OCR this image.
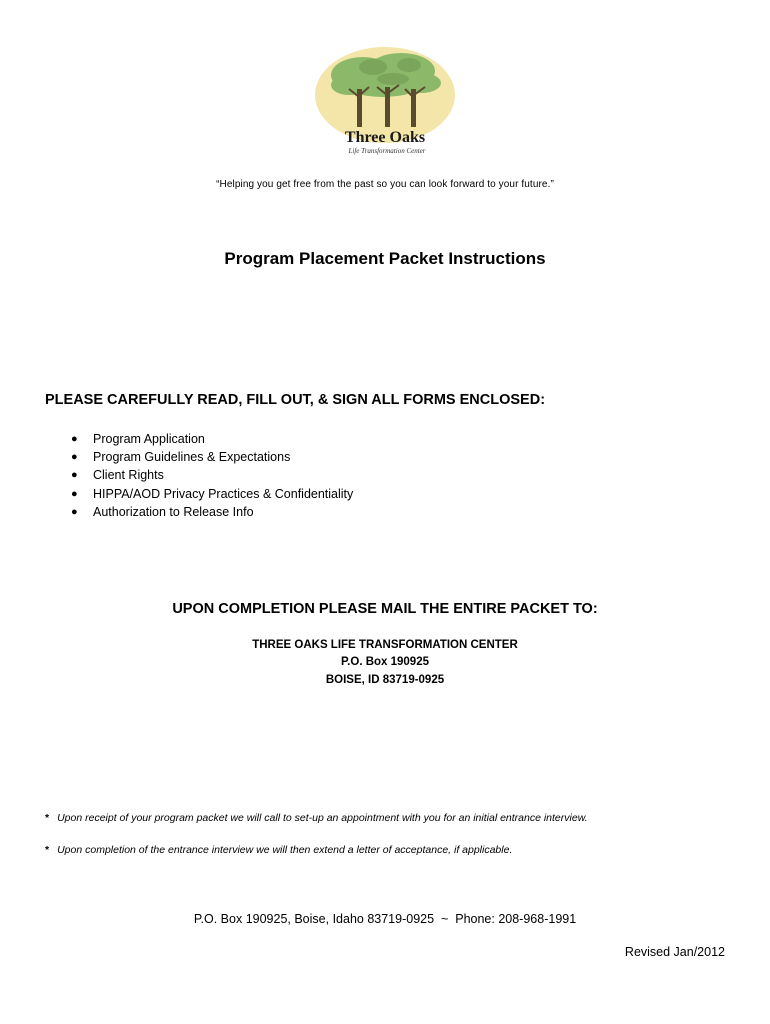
Three Oaks
Life Transformation Center
“Helping you get free from the past so you can look forward to your future.”
Program Placement Packet Instructions
PLEASE CAREFULLY READ, FILL OUT, & SIGN ALL FORMS ENCLOSED:
● Program Application
● Program Guidelines & Expectations
● Client Rights
● HIPPA/AOD Privacy Practices & Confidentiality
● Authorization to Release Info
UPON COMPLETION PLEASE MAIL THE ENTIRE PACKET TO:
THREE OAKS LIFE TRANSFORMATION CENTER
P.O. Box 190925
BOISE, ID 83719-0925
* Upon receipt of your program packet we will call to set-up an appointment with you for an initial entrance interview.
* Upon completion of the entrance interview we will then extend a letter of acceptance, if applicable.
P.O. Box 190925, Boise, Idaho 83719-0925  ~  Phone: 208-968-1991
Revised Jan/2012
